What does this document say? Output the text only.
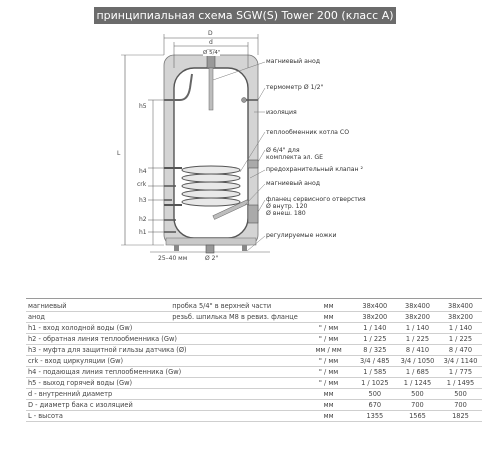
принципиальная схема SGW(S) Tower 200 (класс А)
D
d
Ø 5/4"
L
h5
h4
crk
h3
h2
h1
25–40 мм	Ø 2"
магниевый анод
термометр Ø 1/2"
изоляция
теплообменник котла СО
Ø 6/4" для
комплекта эл. GE
предохранительный клапан ²
магниевый анод
фланец сервисного отверстия
Ø внутр. 120
Ø внеш. 180
регулируемые ножки
магниевый	пробка 5/4" в верхней части	мм	38x400	38x400	38x400
анод	резьб. шпилька М8 в ревиз. фланце	мм	38x200	38x200	38x200
h1 - вход холодной воды (Gw)		" / мм	1 / 140	1 / 140	1 / 140
h2 - обратная линия теплообменника (Gw)		" / мм	1 / 225	1 / 225	1 / 225
h3 - муфта для защитной гильзы датчика (Ø)		мм / мм	8 / 325	8 / 410	8 / 470
crk - вход циркуляции (Gw)		" / мм	3/4 / 485	3/4 / 1050	3/4 / 1140
h4 - подающая линия теплообменника (Gw)		" / мм	1 / 585	1 / 685	1 / 775
h5 - выход горячей воды (Gw)		" / мм	1 / 1025	1 / 1245	1 / 1495
d - внутренний диаметр		мм	500	500	500
D - диаметр бака с изоляцией		мм	670	700	700
L - высота		мм	1355	1565	1825
